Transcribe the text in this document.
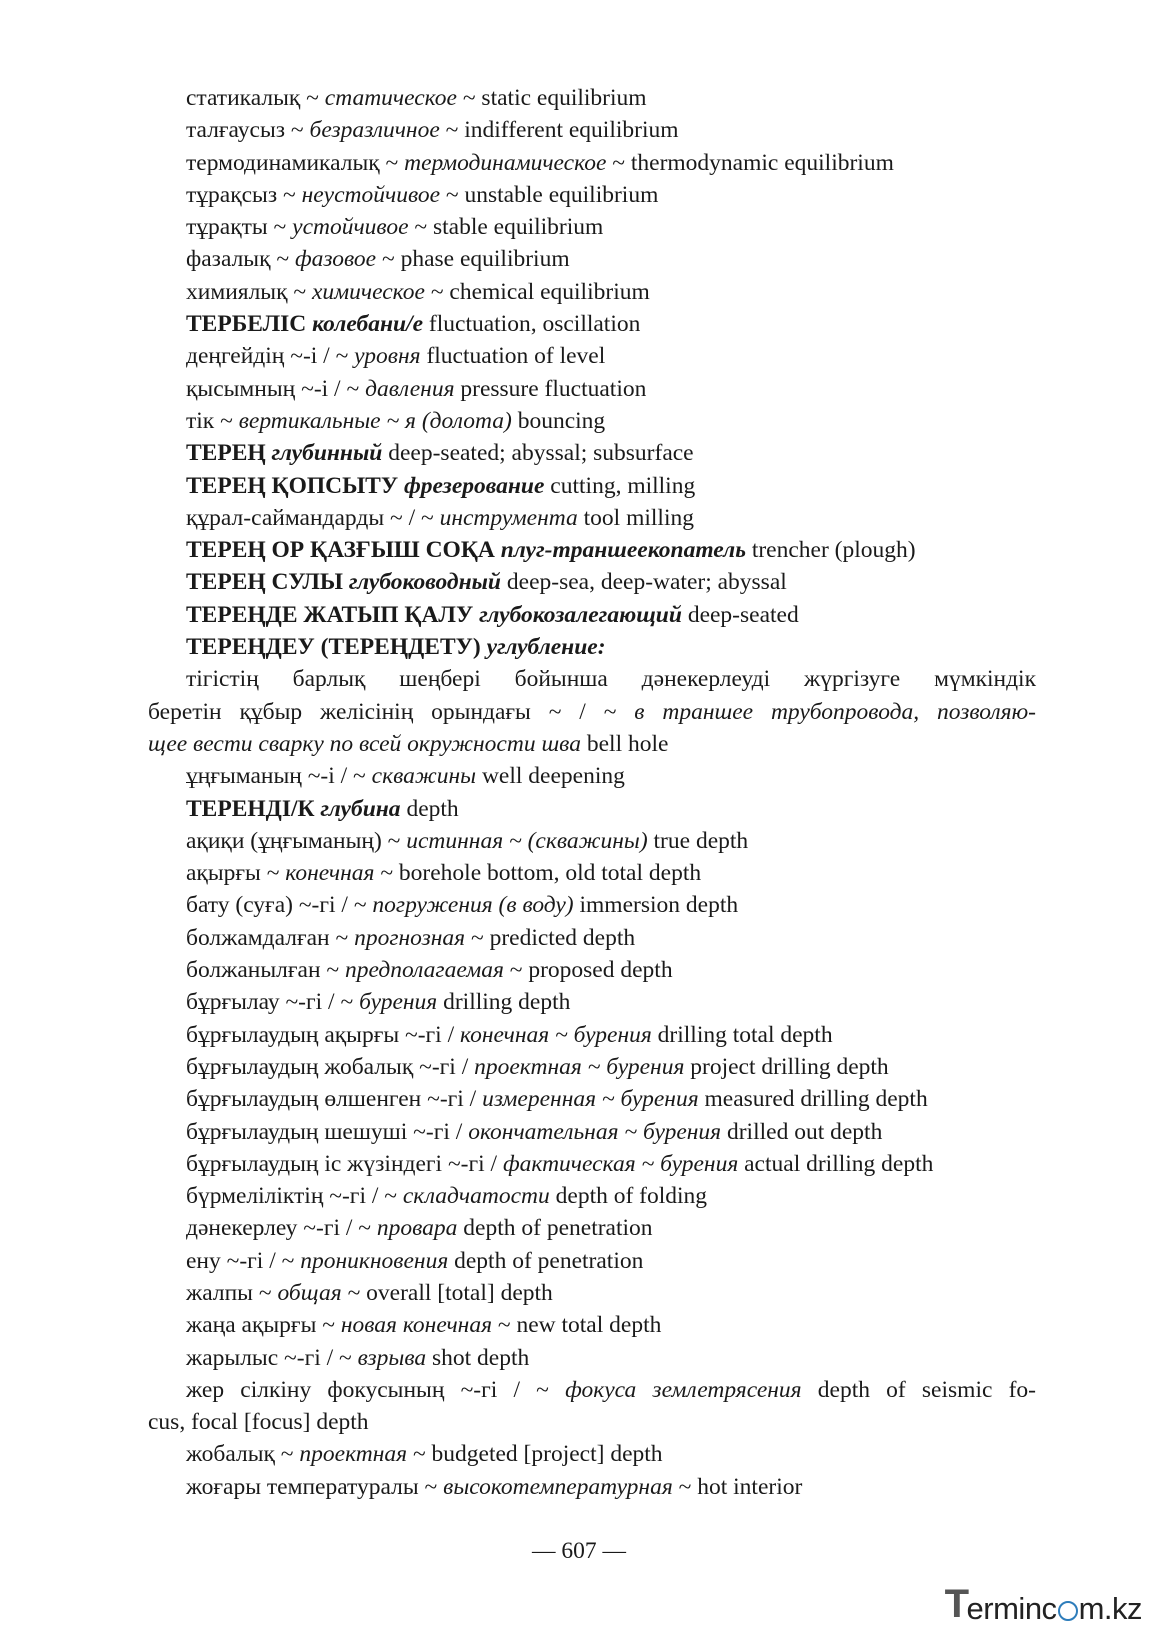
статикалық ~ статическое ~ static equilibrium
талғаусыз ~ безразличное ~ indifferent equilibrium
термодинамикалық ~ термодинамическое ~ thermodynamic equilibrium
тұрақсыз ~ неустойчивое ~ unstable equilibrium
тұрақты ~ устойчивое ~ stable equilibrium
фазалық ~ фазовое ~ phase equilibrium
химиялық ~ химическое ~ chemical equilibrium
ТЕРБЕЛІС колебани/е fluctuation, oscillation
деңгейдің ~-і / ~ уровня fluctuation of level
қысымның ~-і / ~ давления pressure fluctuation
тік ~ вертикальные ~ я (долота) bouncing
ТЕРЕҢ глубинный deep-seated; abyssal; subsurface
ТЕРЕҢ ҚОПСЫТУ фрезерование cutting, milling
құрал-саймандарды ~ / ~ инструмента tool milling
ТЕРЕҢ ОР ҚАЗҒЫШ СОҚА плуг-траншеекопатель trencher (plough)
ТЕРЕҢ СУЛЫ глубоководный deep-sea, deep-water; abyssal
ТЕРЕҢДЕ ЖАТЫП ҚАЛУ глубокозалегающий deep-seated
ТЕРЕҢДЕУ (ТЕРЕҢДЕТУ) углубление:
тігістің барлық шеңбері бойынша дәнекерлеуді жүргізуге мүмкіндік
беретін құбыр желісінің орындағы ~ / ~ в траншее трубопровода, позволяю-
щее вести сварку по всей окружности шва bell hole
ұңғыманың ~-і / ~ скважины well deepening
ТЕРЕНДІ/К глубина depth
ақиқи (ұңғыманың) ~ истинная ~ (скважины) true depth
ақырғы ~ конечная ~ borehole bottom, old total depth
бату (суға) ~-гі / ~ погружения (в воду) immersion depth
болжамдалған ~ прогнозная ~ predicted depth
болжанылған ~ предполагаемая ~ proposed depth
бұрғылау ~-гі / ~ бурения drilling depth
бұрғылаудың ақырғы ~-гі / конечная ~ бурения drilling total depth
бұрғылаудың жобалық ~-гі / проектная ~ бурения project drilling depth
бұрғылаудың өлшенген ~-гі / измеренная ~ бурения measured drilling depth
бұрғылаудың шешуші ~-гі / окончательная ~ бурения drilled out depth
бұрғылаудың іс жүзіндегі ~-гі / фактическая ~ бурения actual drilling depth
бүрмеліліктің ~-гі / ~ складчатости depth of folding
дәнекерлеу ~-гі / ~ провара depth of penetration
ену ~-гі / ~ проникновения depth of penetration
жалпы ~ общая ~ overall [total] depth
жаңа ақырғы ~ новая конечная ~ new total depth
жарылыс ~-гі / ~ взрыва shot depth
жер сілкіну фокусының ~-гі / ~ фокуса землетрясения depth of seismic fo-
cus, focal [focus] depth
жобалық ~ проектная ~ budgeted [project] depth
жоғары температуралы ~ высокотемпературная ~ hot interior
— 607 —
T
erminc m.kz
